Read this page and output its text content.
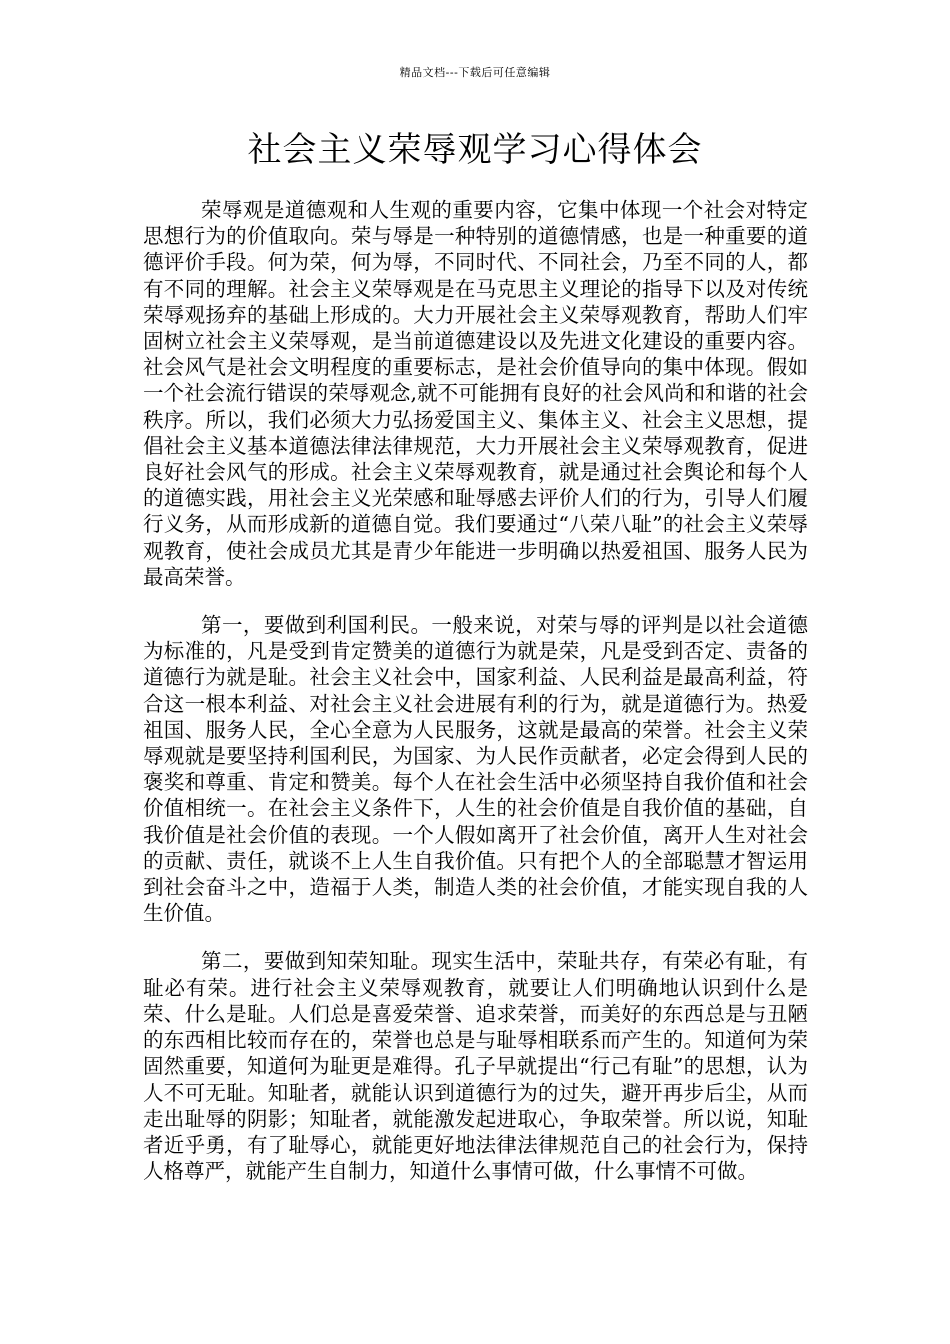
精品文档---下载后可任意编辑
社会主义荣辱观学习心得体会

荣辱观是道德观和人生观的重要内容，它集中体现一个社会对特定思想行为的价值取向。荣与辱是一种特别的道德情感，也是一种重要的道德评价手段。何为荣，何为辱，不同时代、不同社会，乃至不同的人，都有不同的理解。社会主义荣辱观是在马克思主义理论的指导下以及对传统荣辱观扬弃的基础上形成的。大力开展社会主义荣辱观教育，帮助人们牢固树立社会主义荣辱观，是当前道德建设以及先进文化建设的重要内容。社会风气是社会文明程度的重要标志，是社会价值导向的集中体现。假如一个社会流行错误的荣辱观念,就不可能拥有良好的社会风尚和和谐的社会秩序。所以，我们必须大力弘扬爱国主义、集体主义、社会主义思想，提倡社会主义基本道德法律法律规范，大力开展社会主义荣辱观教育，促进良好社会风气的形成。社会主义荣辱观教育，就是通过社会舆论和每个人的道德实践，用社会主义光荣感和耻辱感去评价人们的行为，引导人们履行义务，从而形成新的道德自觉。我们要通过“八荣八耻”的社会主义荣辱观教育，使社会成员尤其是青少年能进一步明确以热爱祖国、服务人民为最高荣誉。

第一，要做到利国利民。一般来说，对荣与辱的评判是以社会道德为标准的，凡是受到肯定赞美的道德行为就是荣，凡是受到否定、责备的道德行为就是耻。社会主义社会中，国家利益、人民利益是最高利益，符合这一根本利益、对社会主义社会进展有利的行为，就是道德行为。热爱祖国、服务人民，全心全意为人民服务，这就是最高的荣誉。社会主义荣辱观就是要坚持利国利民，为国家、为人民作贡献者，必定会得到人民的褒奖和尊重、肯定和赞美。每个人在社会生活中必须坚持自我价值和社会价值相统一。在社会主义条件下，人生的社会价值是自我价值的基础，自我价值是社会价值的表现。一个人假如离开了社会价值，离开人生对社会的贡献、责任，就谈不上人生自我价值。只有把个人的全部聪慧才智运用到社会奋斗之中，造福于人类，制造人类的社会价值，才能实现自我的人生价值。

第二，要做到知荣知耻。现实生活中，荣耻共存，有荣必有耻，有耻必有荣。进行社会主义荣辱观教育，就要让人们明确地认识到什么是荣、什么是耻。人们总是喜爱荣誉、追求荣誉，而美好的东西总是与丑陋的东西相比较而存在的，荣誉也总是与耻辱相联系而产生的。知道何为荣固然重要，知道何为耻更是难得。孔子早就提出“行己有耻”的思想，认为人不可无耻。知耻者，就能认识到道德行为的过失，避开再步后尘，从而走出耻辱的阴影；知耻者，就能激发起进取心，争取荣誉。所以说，知耻者近乎勇，有了耻辱心，就能更好地法律法律规范自己的社会行为，保持人格尊严，就能产生自制力，知道什么事情可做，什么事情不可做。
